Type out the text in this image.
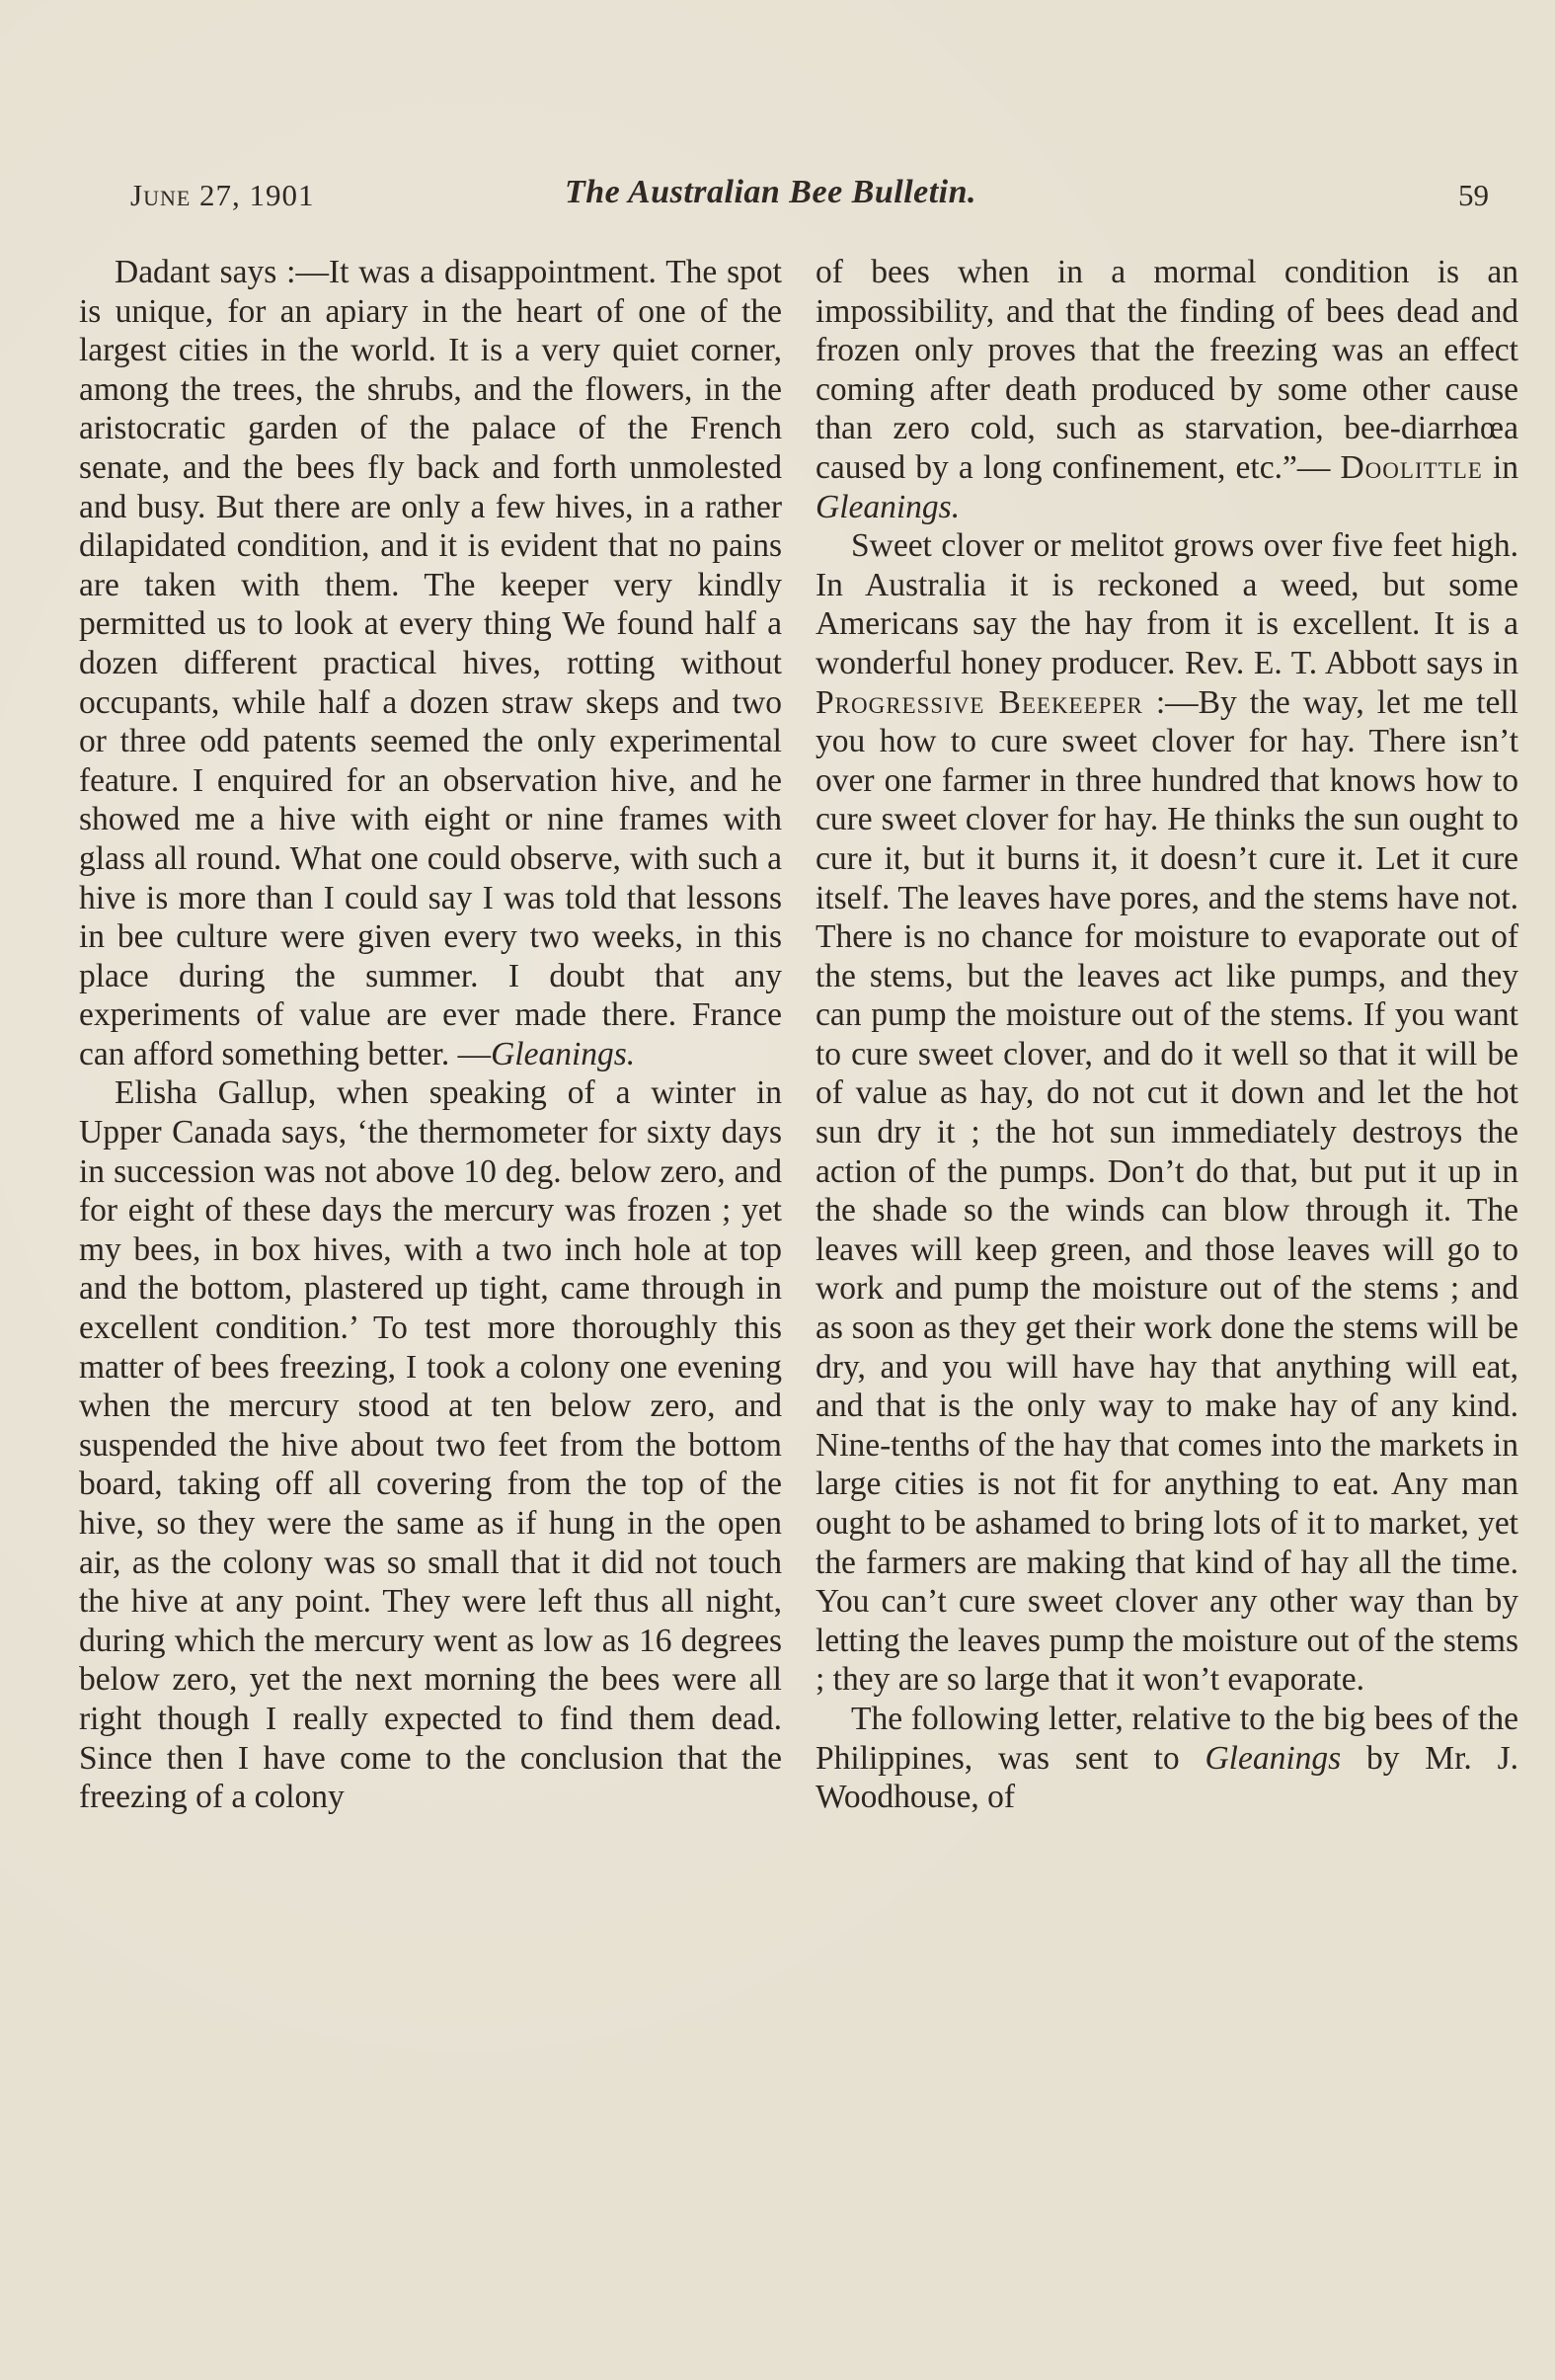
June 27, 1901	The Australian Bee Bulletin.	59

Dadant says :—It was a disappointment. The spot is unique, for an apiary in the heart of one of the largest cities in the world. It is a very quiet corner, among the trees, the shrubs, and the flowers, in the aristocratic garden of the palace of the French senate, and the bees fly back and forth unmolested and busy. But there are only a few hives, in a rather dilapidated condition, and it is evident that no pains are taken with them. The keeper very kindly permitted us to look at every thing We found half a dozen different practical hives, rotting without occupants, while half a dozen straw skeps and two or three odd patents seemed the only experimental feature. I enquired for an observation hive, and he showed me a hive with eight or nine frames with glass all round. What one could observe, with such a hive is more than I could say I was told that lessons in bee culture were given every two weeks, in this place during the summer. I doubt that any experiments of value are ever made there. France can afford something better. —Gleanings.

Elisha Gallup, when speaking of a winter in Upper Canada says, ‘the thermometer for sixty days in succession was not above 10 deg. below zero, and for eight of these days the mercury was frozen ; yet my bees, in box hives, with a two inch hole at top and the bottom, plastered up tight, came through in excellent condition.’ To test more thoroughly this matter of bees freezing, I took a colony one evening when the mercury stood at ten below zero, and suspended the hive about two feet from the bottom board, taking off all covering from the top of the hive, so they were the same as if hung in the open air, as the colony was so small that it did not touch the hive at any point. They were left thus all night, during which the mercury went as low as 16 degrees below zero, yet the next morning the bees were all right though I really expected to find them dead. Since then I have come to the conclusion that the freezing of a colony

of bees when in a mormal condition is an impossibility, and that the finding of bees dead and frozen only proves that the freezing was an effect coming after death produced by some other cause than zero cold, such as starvation, bee-diarrhœa caused by a long confinement, etc.”— Doolittle in Gleanings.

Sweet clover or melitot grows over five feet high. In Australia it is reckoned a weed, but some Americans say the hay from it is excellent. It is a wonderful honey producer. Rev. E. T. Abbott says in Progressive Beekeeper :—By the way, let me tell you how to cure sweet clover for hay. There isn’t over one farmer in three hundred that knows how to cure sweet clover for hay. He thinks the sun ought to cure it, but it burns it, it doesn’t cure it. Let it cure itself. The leaves have pores, and the stems have not. There is no chance for moisture to evaporate out of the stems, but the leaves act like pumps, and they can pump the moisture out of the stems. If you want to cure sweet clover, and do it well so that it will be of value as hay, do not cut it down and let the hot sun dry it ; the hot sun immediately destroys the action of the pumps. Don’t do that, but put it up in the shade so the winds can blow through it. The leaves will keep green, and those leaves will go to work and pump the moisture out of the stems ; and as soon as they get their work done the stems will be dry, and you will have hay that anything will eat, and that is the only way to make hay of any kind. Nine-tenths of the hay that comes into the markets in large cities is not fit for anything to eat. Any man ought to be ashamed to bring lots of it to market, yet the farmers are making that kind of hay all the time. You can’t cure sweet clover any other way than by letting the leaves pump the moisture out of the stems ; they are so large that it won’t evaporate.

The following letter, relative to the big bees of the Philippines, was sent to Gleanings by Mr. J. Woodhouse, of
